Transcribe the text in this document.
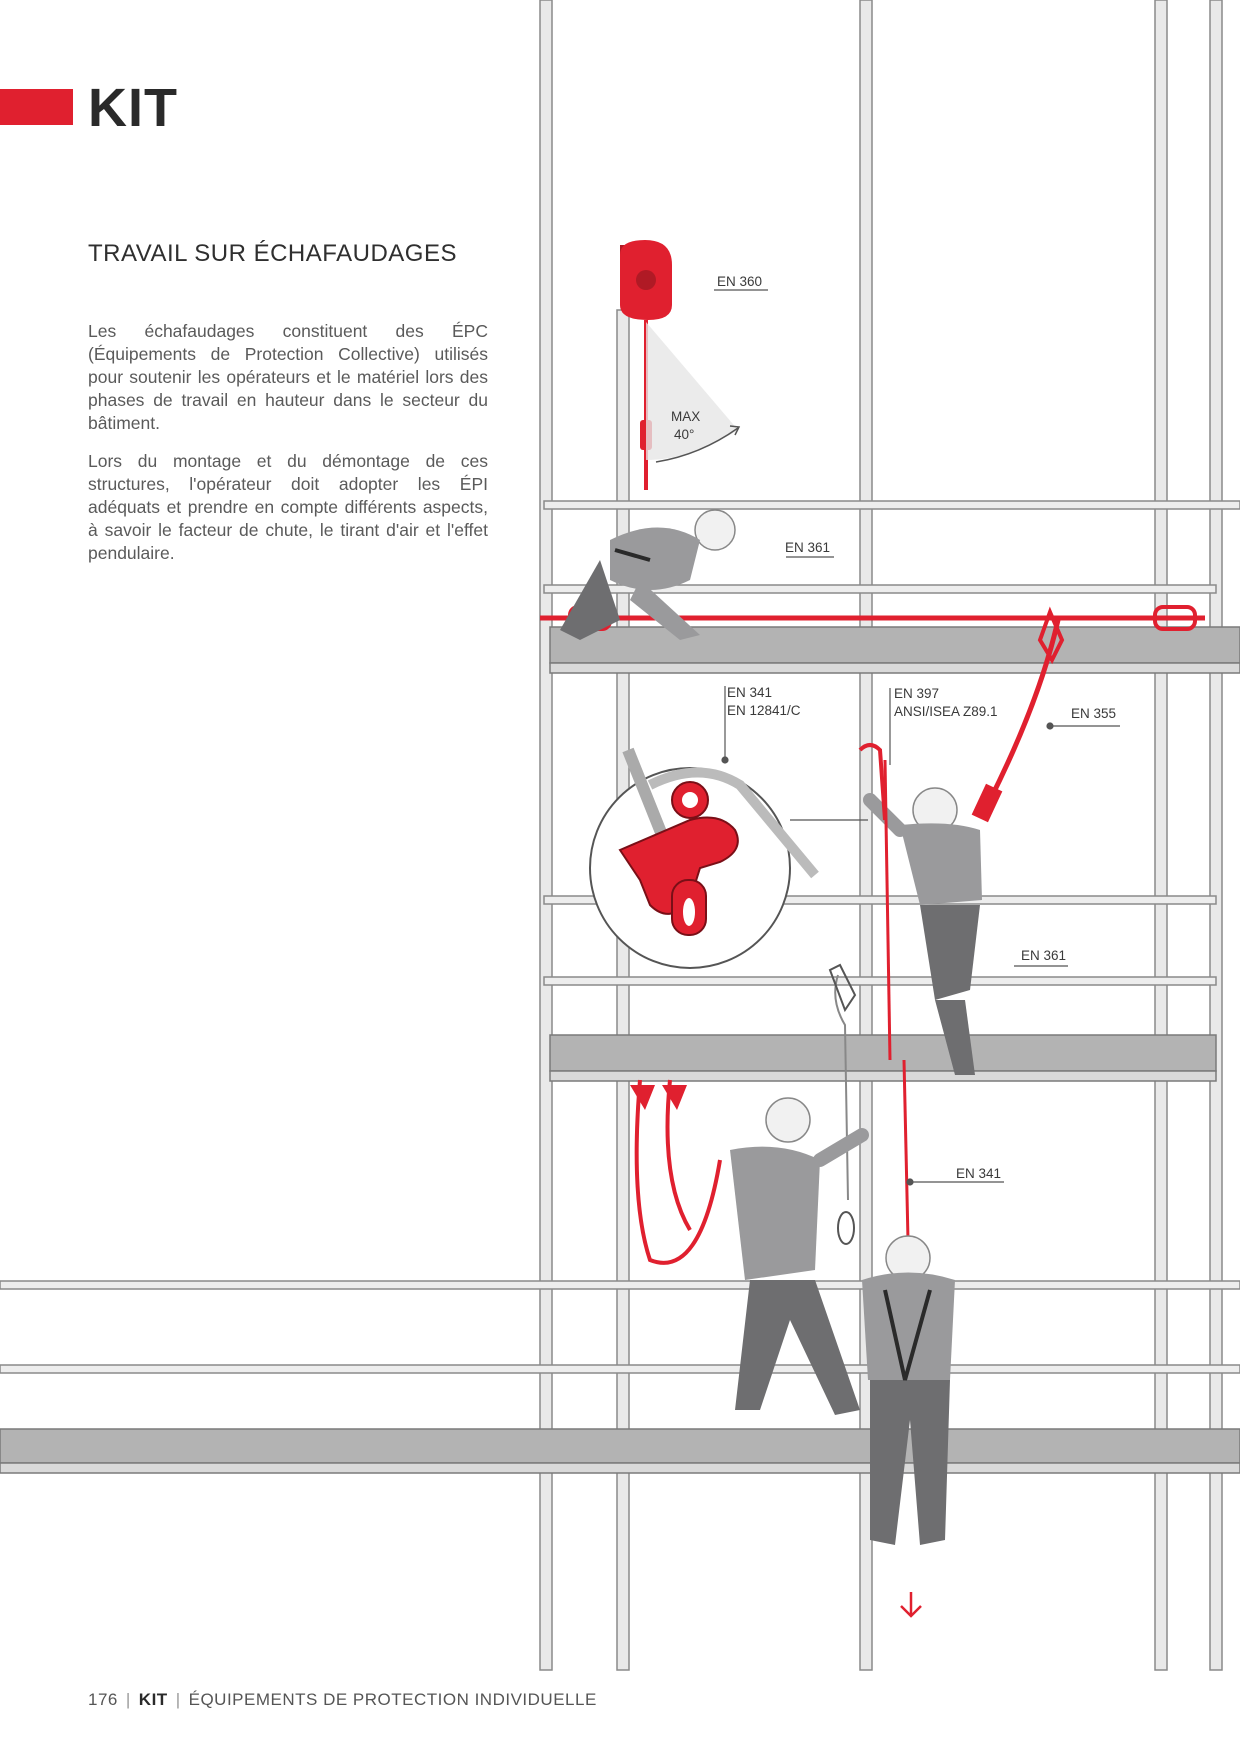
KIT
TRAVAIL SUR ÉCHAFAUDAGES

Les échafaudages constituent des ÉPC (Équipements de Protection Collective) utilisés pour soutenir les opérateurs et le matériel lors des phases de travail en hauteur dans le secteur du bâtiment.

Lors du montage et du démontage de ces structures, l'opérateur doit adopter les ÉPI adéquats et prendre en compte différents aspects, à savoir le facteur de chute, le tirant d'air et l'effet pendulaire.

EN 360
MAX
40°
EN 361
EN 341
EN 12841/C
EN 397
ANSI/ISEA Z89.1	EN 355
EN 361
EN 341
176 | KIT | ÉQUIPEMENTS DE PROTECTION INDIVIDUELLE
